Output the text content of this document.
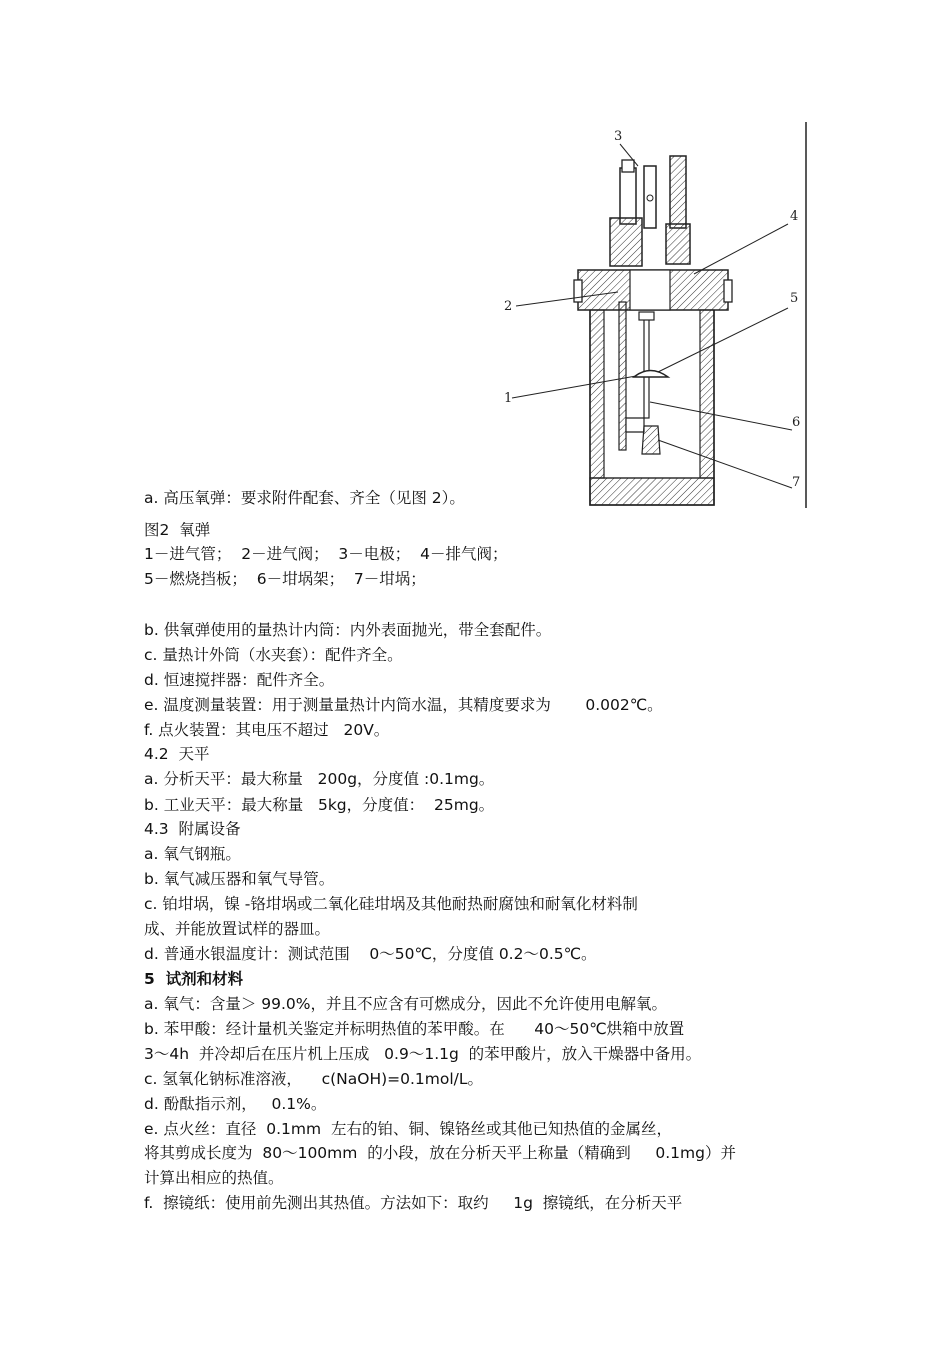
3
4
2
5
1
6
7
a. 高压氧弹：要求附件配套、齐全（见图 2）。
图2  氧弹
1－进气管；  2－进气阀；  3－电极；  4－排气阀；
5－燃烧挡板；  6－坩埚架；  7－坩埚；
b. 供氧弹使用的量热计内筒：内外表面抛光，带全套配件。
c. 量热计外筒（水夹套）：配件齐全。
d. 恒速搅拌器：配件齐全。
e. 温度测量装置：用于测量量热计内筒水温，其精度要求为       0.002℃。
f. 点火装置：其电压不超过   20V。
4.2  天平
a. 分析天平：最大称量   200g，分度值 :0.1mg。
b. 工业天平：最大称量   5kg，分度值：  25mg。
4.3  附属设备
a. 氧气钢瓶。
b. 氧气减压器和氧气导管。
c. 铂坩埚，镍 -铬坩埚或二氧化硅坩埚及其他耐热耐腐蚀和耐氧化材料制
成、并能放置试样的器皿。
d. 普通水银温度计：测试范围    0～50℃，分度值 0.2～0.5℃。
5  试剂和材料
a. 氧气：含量＞ 99.0%，并且不应含有可燃成分，因此不允许使用电解氧。
b. 苯甲酸：经计量机关鉴定并标明热值的苯甲酸。在      40～50℃烘箱中放置
3～4h  并冷却后在压片机上压成   0.9～1.1g  的苯甲酸片，放入干燥器中备用。
c. 氢氧化钠标准溶液，    c(NaOH)=0.1mol/L。
d. 酚酞指示剂，   0.1%。
e. 点火丝：直径  0.1mm  左右的铂、铜、镍铬丝或其他已知热值的金属丝，
将其剪成长度为  80～100mm  的小段，放在分析天平上称量（精确到     0.1mg）并
计算出相应的热值。
f.  擦镜纸：使用前先测出其热值。方法如下：取约     1g  擦镜纸，在分析天平
